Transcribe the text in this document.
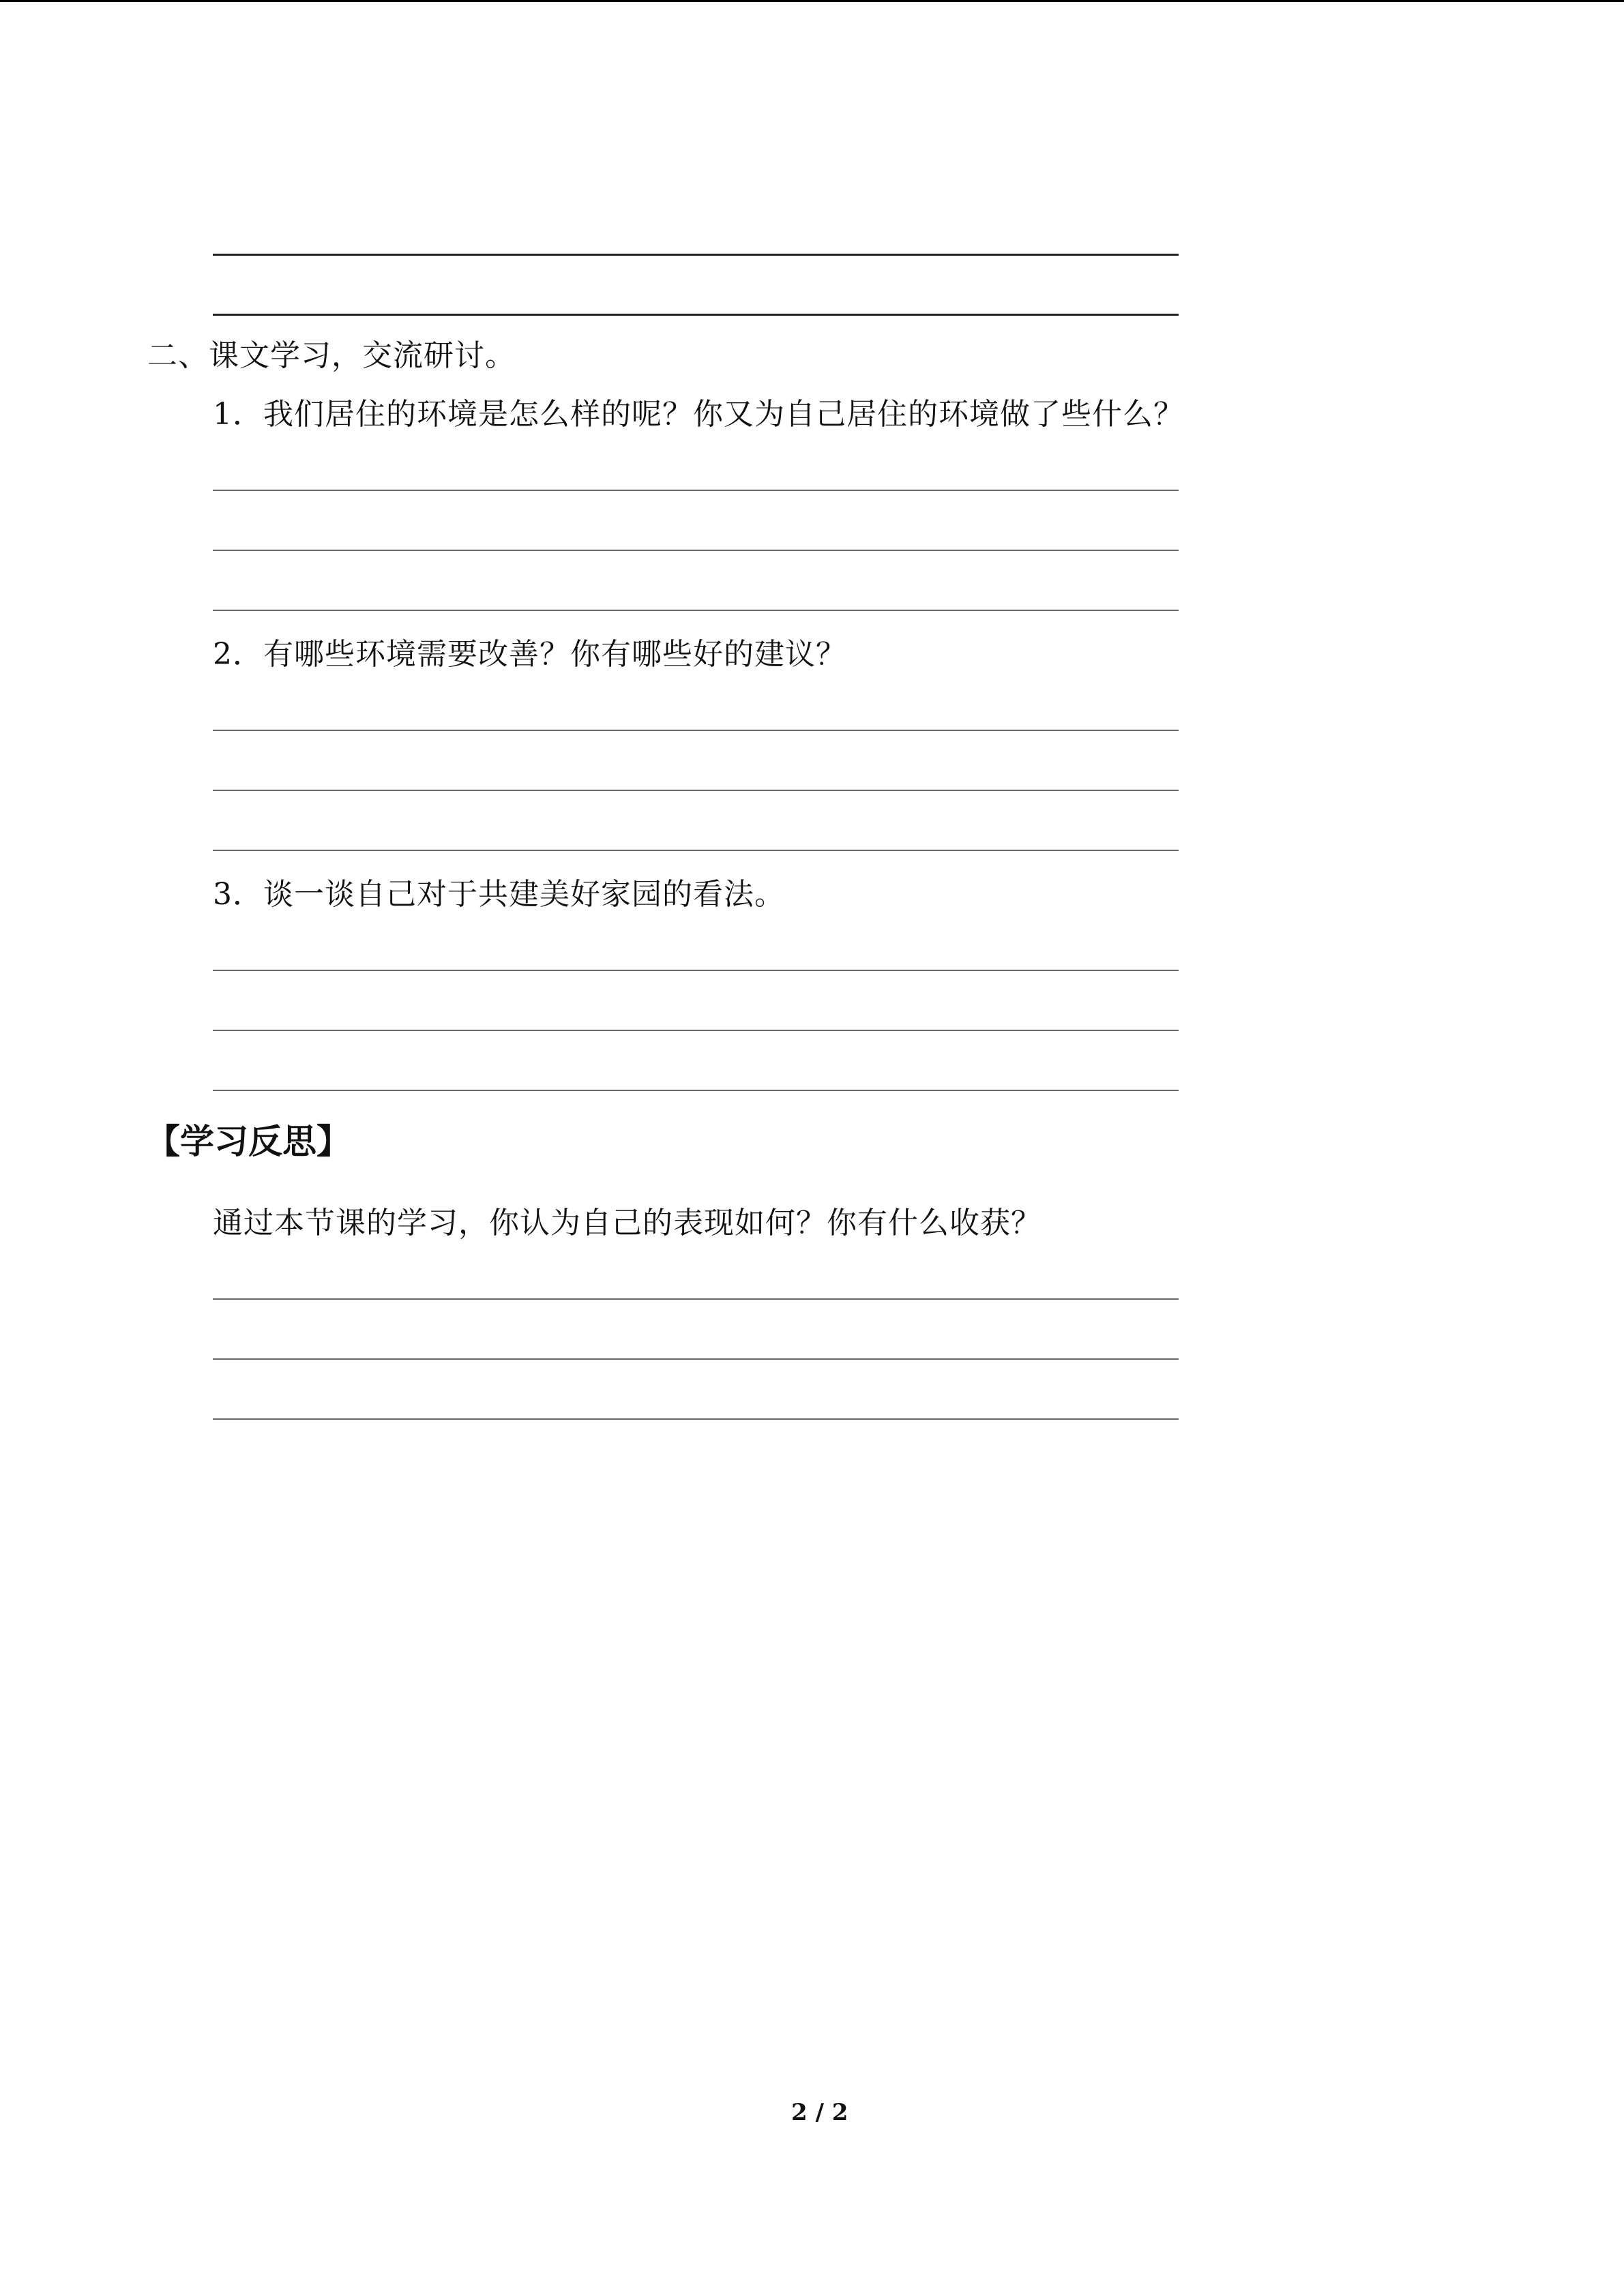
二、课文学习，交流研讨。
1．我们居住的环境是怎么样的呢？你又为自己居住的环境做了些什么？
2．有哪些环境需要改善？你有哪些好的建议？
3．谈一谈自己对于共建美好家园的看法。
【学习反思】
通过本节课的学习，你认为自己的表现如何？你有什么收获？
2 / 2
